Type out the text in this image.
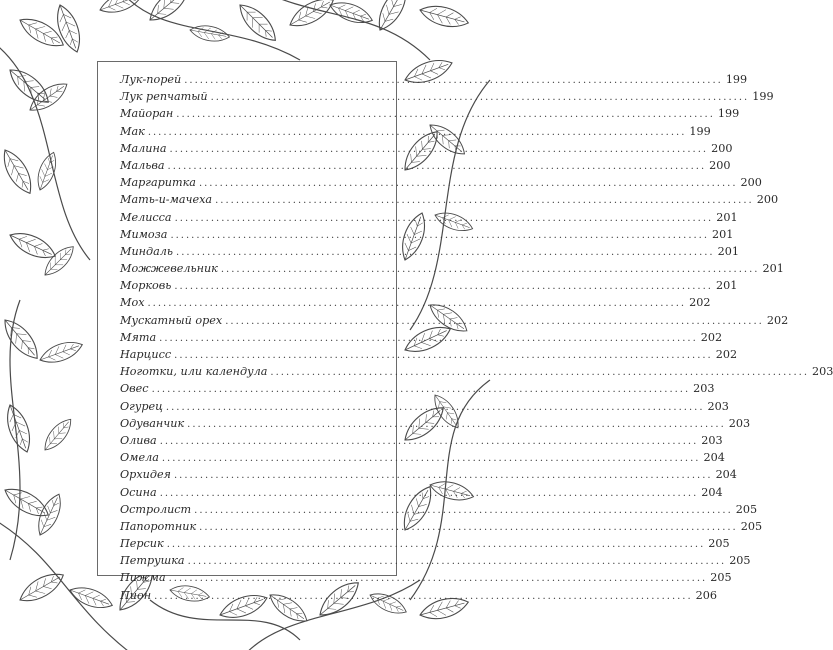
Лук-порей ........................................................................................................ 199
Лук репчатый ........................................................................................................ 199
Майоран ........................................................................................................ 199
Мак ........................................................................................................ 199
Малина ........................................................................................................ 200
Мальва ........................................................................................................ 200
Маргаритка ........................................................................................................ 200
Мать-и-мачеха ........................................................................................................ 200
Мелисса ........................................................................................................ 201
Мимоза ........................................................................................................ 201
Миндаль ........................................................................................................ 201
Можжевельник ........................................................................................................ 201
Морковь ........................................................................................................ 201
Мох ........................................................................................................ 202
Мускатный орех ........................................................................................................ 202
Мята ........................................................................................................ 202
Нарцисс ........................................................................................................ 202
Ноготки, или календула ........................................................................................................ 203
Овес ........................................................................................................ 203
Огурец ........................................................................................................ 203
Одуванчик ........................................................................................................ 203
Олива ........................................................................................................ 203
Омела ........................................................................................................ 204
Орхидея ........................................................................................................ 204
Осина ........................................................................................................ 204
Остролист ........................................................................................................ 205
Папоротник ........................................................................................................ 205
Персик ........................................................................................................ 205
Петрушка ........................................................................................................ 205
Пижма ........................................................................................................ 205
Пион ........................................................................................................ 206
